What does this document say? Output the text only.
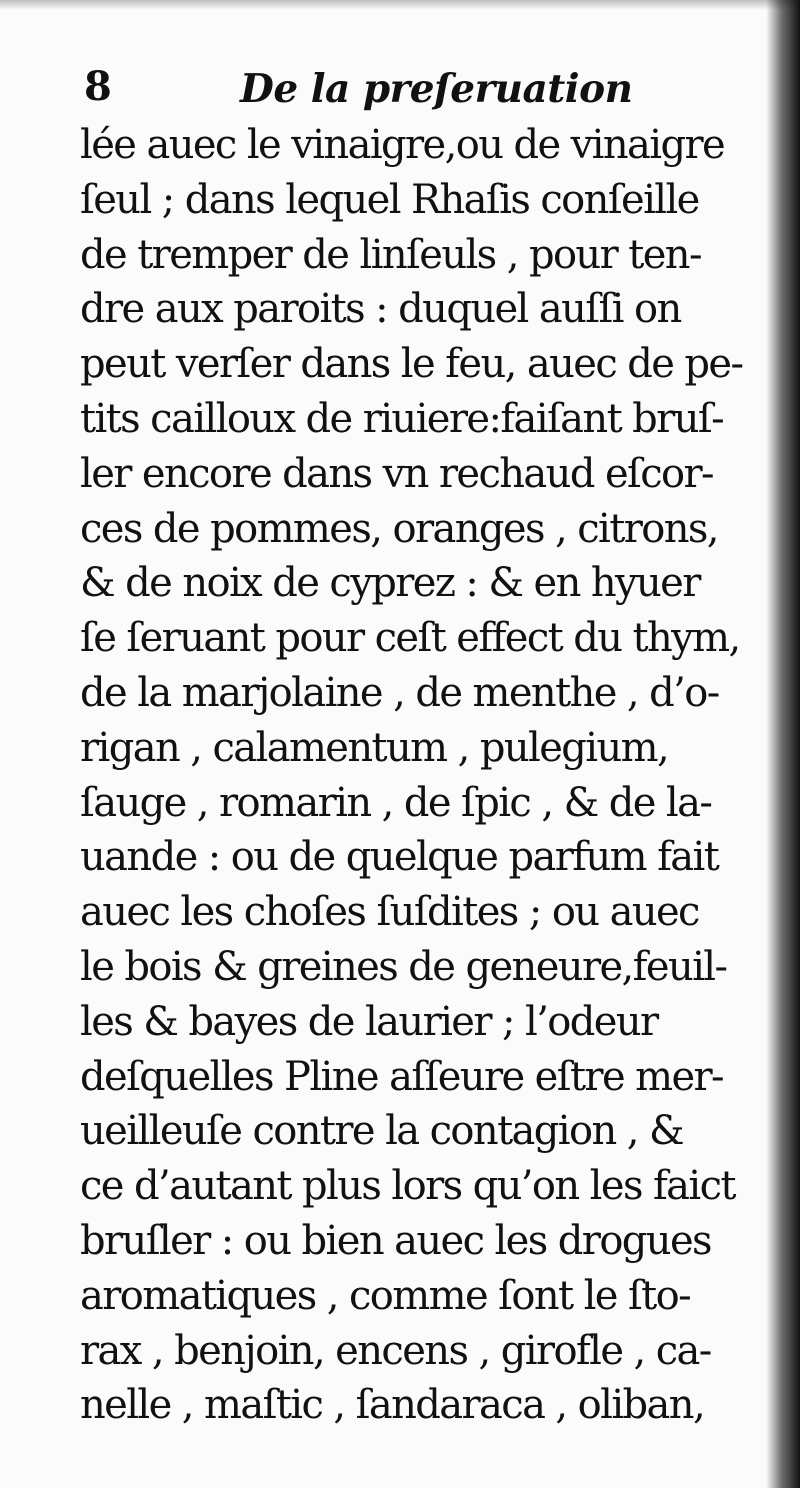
8	De la preſeruation
lée auec le vinaigre,ou de vinaigre
ſeul ; dans lequel Rhaſis conſeille
de tremper de linſeuls , pour ten-
dre aux paroits : duquel auſſi on
peut verſer dans le feu, auec de pe-
tits cailloux de riuiere:faiſant bruſ-
ler encore dans vn rechaud eſcor-
ces de pommes, oranges , citrons,
& de noix de cyprez : & en hyuer
ſe ſeruant pour ceſt effect du thym,
de la marjolaine , de menthe , d’o-
rigan , calamentum , pulegium,
ſauge , romarin , de ſpic , & de la-
uande : ou de quelque parfum fait
auec les choſes ſuſdites ; ou auec
le bois & greines de geneure,feuil-
les & bayes de laurier ; l’odeur
deſquelles Pline aſſeure eſtre mer-
ueilleuſe contre la contagion , &
ce d’autant plus lors qu’on les faict
bruſler : ou bien auec les drogues
aromatiques , comme ſont le ſto-
rax , benjoin, encens , girofle , ca-
nelle , maſtic , ſandaraca , oliban,
